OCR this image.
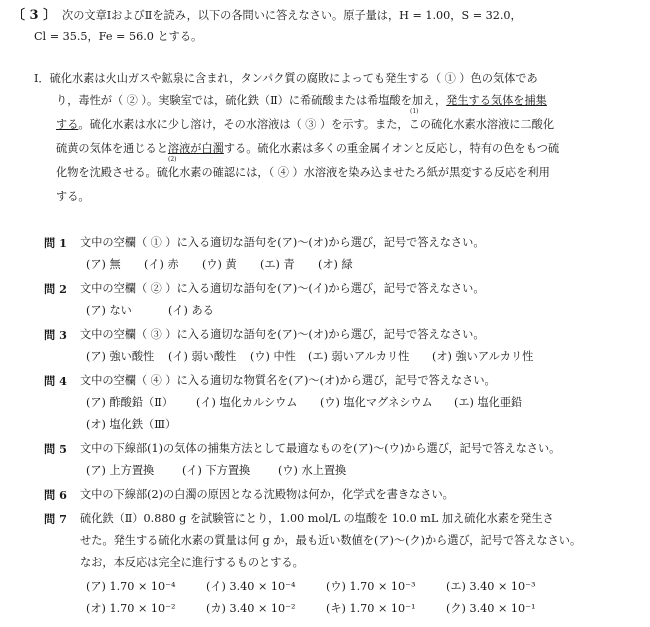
〔 3 〕 次の文章ⅠおよびⅡを読み，以下の各問いに答えなさい。原子量は，H = 1.00，S = 32.0，
Cl = 35.5，Fe = 56.0 とする。
Ⅰ．硫化水素は火山ガスや鉱泉に含まれ，タンパク質の腐敗によっても発生する（ ① ）色の気体であ
り，毒性が（ ② ）。実験室では，硫化鉄（Ⅱ）に希硫酸または希塩酸を加え，発生する気体を捕集
(1)
する。硫化水素は水に少し溶け，その水溶液は（ ③ ）を示す。また，この硫化水素水溶液に二酸化
硫黄の気体を通じると溶液が白濁する。硫化水素は多くの重金属イオンと反応し，特有の色をもつ硫
(2)
化物を沈殿させる。硫化水素の確認には，（ ④ ）水溶液を染み込ませたろ紙が黒変する反応を利用
する。
問 1 文中の空欄（ ① ）に入る適切な語句を(ア)〜(オ)から選び，記号で答えなさい。
(ア) 無 (イ) 赤 (ウ) 黄 (エ) 青 (オ) 緑
問 2 文中の空欄（ ② ）に入る適切な語句を(ア)〜(イ)から選び，記号で答えなさい。
(ア) ない	(イ) ある
問 3 文中の空欄（ ③ ）に入る適切な語句を(ア)〜(オ)から選び，記号で答えなさい。
(ア) 強い酸性 (イ) 弱い酸性 (ウ) 中性 (エ) 弱いアルカリ性 (オ) 強いアルカリ性
問 4 文中の空欄（ ④ ）に入る適切な物質名を(ア)〜(オ)から選び，記号で答えなさい。
(ア) 酢酸鉛（Ⅱ） (イ) 塩化カルシウム (ウ) 塩化マグネシウム (エ) 塩化亜鉛
(オ) 塩化鉄（Ⅲ）
問 5 文中の下線部(1)の気体の捕集方法として最適なものを(ア)〜(ウ)から選び，記号で答えなさい。
(ア) 上方置換 (イ) 下方置換 (ウ) 水上置換
問 6 文中の下線部(2)の白濁の原因となる沈殿物は何か，化学式を書きなさい。
問 7 硫化鉄（Ⅱ）0.880 g を試験管にとり，1.00 mol/L の塩酸を 10.0 mL 加え硫化水素を発生さ
せた。発生する硫化水素の質量は何 g か，最も近い数値を(ア)〜(ク)から選び，記号で答えなさい。
なお，本反応は完全に進行するものとする。
(ア) 1.70 × 10⁻⁴	(イ) 3.40 × 10⁻⁴	(ウ) 1.70 × 10⁻³	(エ) 3.40 × 10⁻³
(オ) 1.70 × 10⁻²	(カ) 3.40 × 10⁻²	(キ) 1.70 × 10⁻¹	(ク) 3.40 × 10⁻¹
